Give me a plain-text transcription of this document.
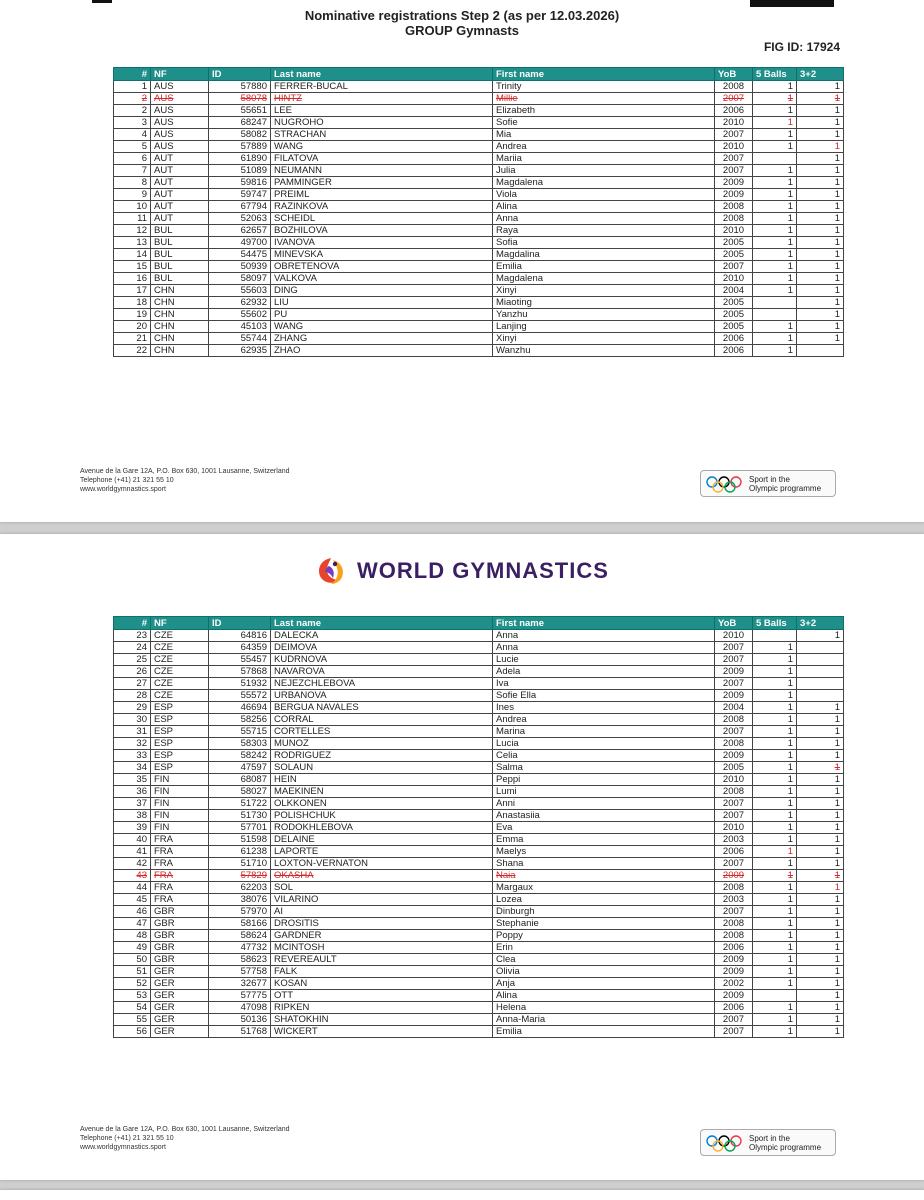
Nominative registrations Step 2 (as per 12.03.2026)
GROUP Gymnasts
FIG ID: 17924
#	NF	ID	Last name	First name	YoB	5 Balls	3+2
1	AUS	57880	FERRER-BUCAL	Trinity	2008	1	1
2	AUS	58078	HINTZ	Millie	2007	1	1
2	AUS	55651	LEE	Elizabeth	2006	1	1
3	AUS	68247	NUGROHO	Sofie	2010	1	1
4	AUS	58082	STRACHAN	Mia	2007	1	1
5	AUS	57889	WANG	Andrea	2010	1	1
6	AUT	61890	FILATOVA	Mariia	2007		1
7	AUT	51089	NEUMANN	Julia	2007	1	1
8	AUT	59816	PAMMINGER	Magdalena	2009	1	1
9	AUT	59747	PREIML	Viola	2009	1	1
10	AUT	67794	RAZINKOVA	Alina	2008	1	1
11	AUT	52063	SCHEIDL	Anna	2008	1	1
12	BUL	62657	BOZHILOVA	Raya	2010	1	1
13	BUL	49700	IVANOVA	Sofia	2005	1	1
14	BUL	54475	MINEVSKA	Magdalina	2005	1	1
15	BUL	50939	OBRETENOVA	Emilia	2007	1	1
16	BUL	58097	VALKOVA	Magdalena	2010	1	1
17	CHN	55603	DING	Xinyi	2004	1	1
18	CHN	62932	LIU	Miaoting	2005		1
19	CHN	55602	PU	Yanzhu	2005		1
20	CHN	45103	WANG	Lanjing	2005	1	1
21	CHN	55744	ZHANG	Xinyi	2006	1	1
22	CHN	62935	ZHAO	Wanzhu	2006	1	
Avenue de la Gare 12A, P.O. Box 630, 1001 Lausanne, Switzerland
Telephone (+41) 21 321 55 10
www.worldgymnastics.sport
Sport in the
Olympic programme
WORLD GYMNASTICS
#	NF	ID	Last name	First name	YoB	5 Balls	3+2
23	CZE	64816	DALECKA	Anna	2010		1
24	CZE	64359	DEIMOVA	Anna	2007	1	
25	CZE	55457	KUDRNOVA	Lucie	2007	1	
26	CZE	57868	NAVAROVA	Adela	2009	1	
27	CZE	51932	NEJEZCHLEBOVA	Iva	2007	1	
28	CZE	55572	URBANOVA	Sofie Ella	2009	1	
29	ESP	46694	BERGUA NAVALES	Ines	2004	1	1
30	ESP	58256	CORRAL	Andrea	2008	1	1
31	ESP	55715	CORTELLES	Marina	2007	1	1
32	ESP	58303	MUNOZ	Lucia	2008	1	1
33	ESP	58242	RODRIGUEZ	Celia	2009	1	1
34	ESP	47597	SOLAUN	Salma	2005	1	1
35	FIN	68087	HEIN	Peppi	2010	1	1
36	FIN	58027	MAEKINEN	Lumi	2008	1	1
37	FIN	51722	OLKKONEN	Anni	2007	1	1
38	FIN	51730	POLISHCHUK	Anastasiia	2007	1	1
39	FIN	57701	RODOKHLEBOVA	Eva	2010	1	1
40	FRA	51598	DELAINE	Emma	2003	1	1
41	FRA	61238	LAPORTE	Maelys	2006	1	1
42	FRA	51710	LOXTON-VERNATON	Shana	2007	1	1
43	FRA	57829	OKASHA	Naia	2009	1	1
44	FRA	62203	SOL	Margaux	2008	1	1
45	FRA	38076	VILARINO	Lozea	2003	1	1
46	GBR	57970	AI	Dinburgh	2007	1	1
47	GBR	58166	DROSITIS	Stephanie	2008	1	1
48	GBR	58624	GARDNER	Poppy	2008	1	1
49	GBR	47732	MCINTOSH	Erin	2006	1	1
50	GBR	58623	REVEREAULT	Clea	2009	1	1
51	GER	57758	FALK	Olivia	2009	1	1
52	GER	32677	KOSAN	Anja	2002	1	1
53	GER	57775	OTT	Alina	2009		1
54	GER	47098	RIPKEN	Helena	2006	1	1
55	GER	50136	SHATOKHIN	Anna-Maria	2007	1	1
56	GER	51768	WICKERT	Emilia	2007	1	1
Avenue de la Gare 12A, P.O. Box 630, 1001 Lausanne, Switzerland
Telephone (+41) 21 321 55 10
www.worldgymnastics.sport
Sport in the
Olympic programme
